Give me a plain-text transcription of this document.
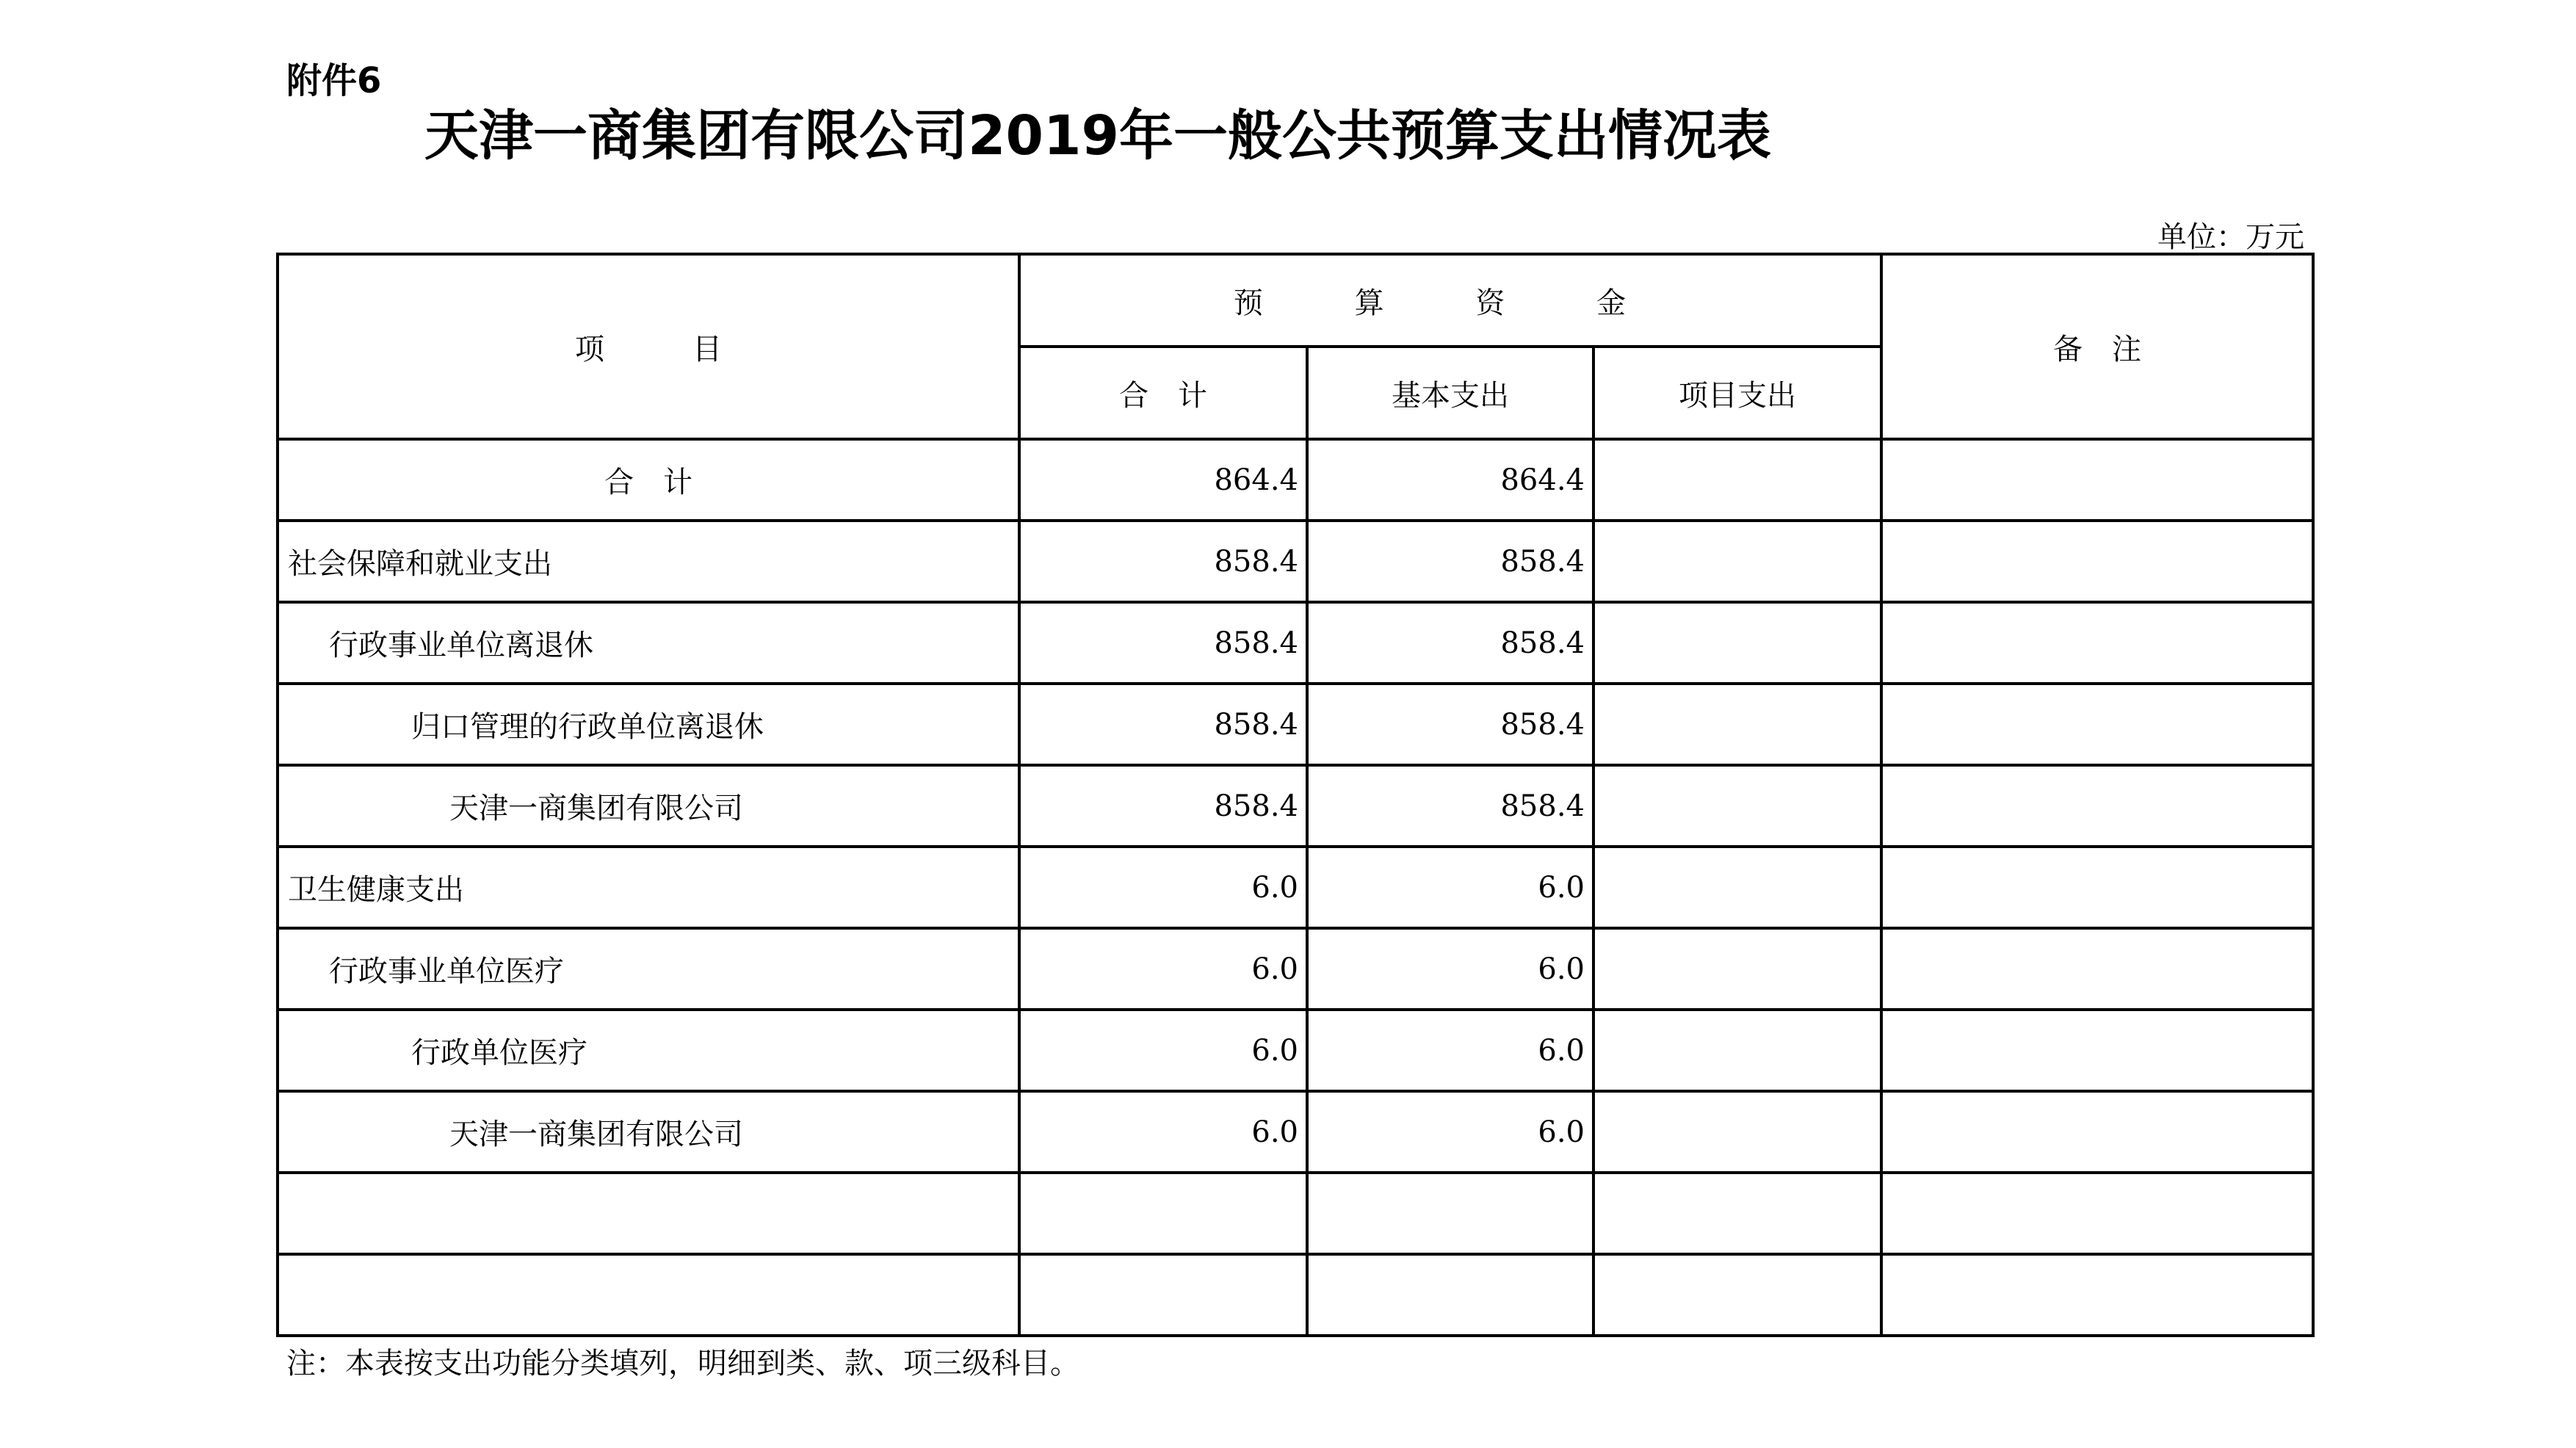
附件6
天津一商集团有限公司2019年一般公共预算支出情况表
单位：万元
项　　　目	预 算 资 金			备　注
	合　计	基本支出	项目支出	
合　计	864.4	864.4		
社会保障和就业支出	858.4	858.4		
行政事业单位离退休	858.4	858.4		
归口管理的行政单位离退休	858.4	858.4		
天津一商集团有限公司	858.4	858.4		
卫生健康支出	6.0	6.0		
行政事业单位医疗	6.0	6.0		
行政单位医疗	6.0	6.0		
天津一商集团有限公司	6.0	6.0		

注：本表按支出功能分类填列，明细到类、款、项三级科目。
